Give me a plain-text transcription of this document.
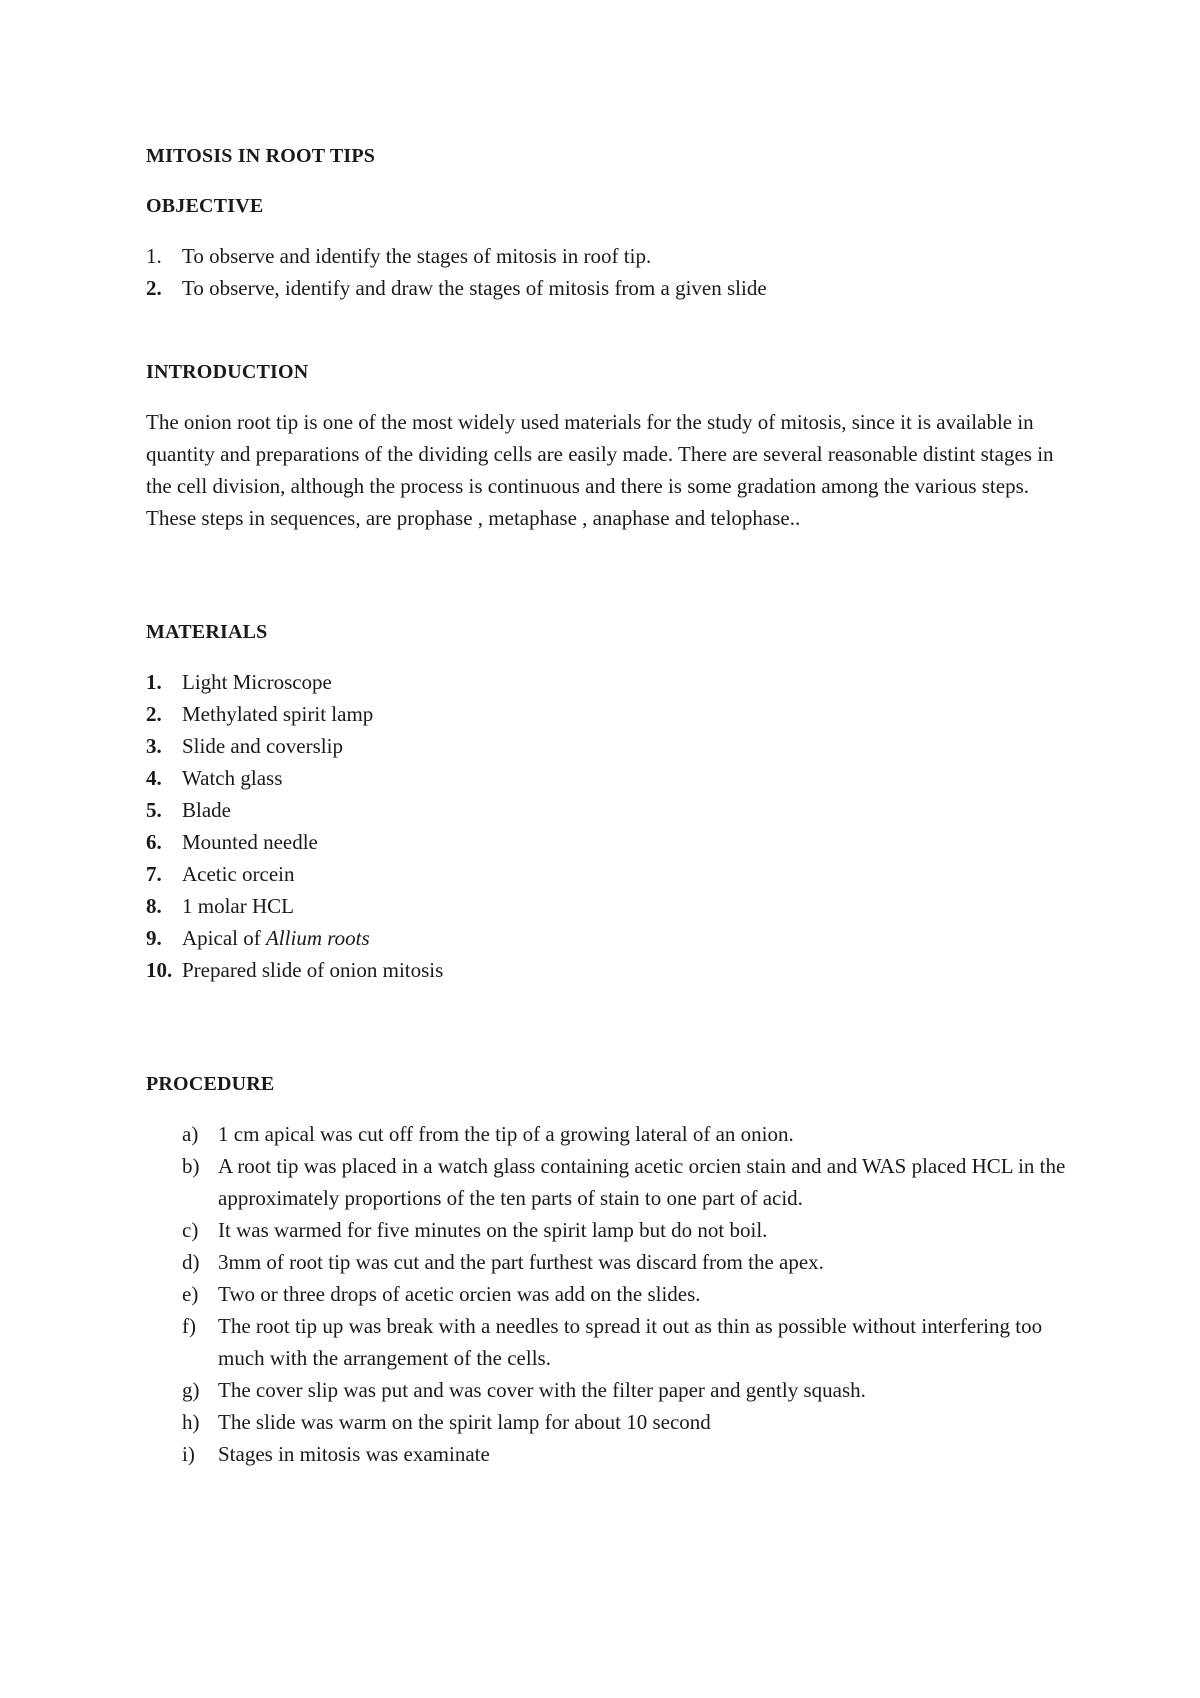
MITOSIS IN ROOT TIPS

OBJECTIVE

1. To observe and identify the stages of mitosis in roof tip.
2. To observe, identify and draw the stages of mitosis from a given slide

INTRODUCTION

The onion root tip is one of the most widely used materials for the study of mitosis, since it is available in quantity and preparations of the dividing cells are easily made. There are several reasonable distint stages in the cell division, although the process is continuous and there is some gradation among the various steps. These steps in sequences, are prophase , metaphase , anaphase and telophase..

MATERIALS

1. Light Microscope
2. Methylated spirit lamp
3. Slide and coverslip
4. Watch glass
5. Blade
6. Mounted needle
7. Acetic orcein
8. 1 molar HCL
9. Apical of Allium roots
10. Prepared slide of onion mitosis

PROCEDURE

a) 1 cm apical was cut off from the tip of a growing lateral of an onion.
b) A root tip was placed in a watch glass containing acetic orcien stain and and WAS placed HCL in the approximately proportions of the ten parts of stain to one part of acid.
c) It was warmed for five minutes on the spirit lamp but do not boil.
d) 3mm of root tip was cut and the part furthest was discard from the apex.
e) Two or three drops of acetic orcien was add on the slides.
f) The root tip up was break with a needles to spread it out as thin as possible without interfering too much with the arrangement of the cells.
g) The cover slip was put and was cover with the filter paper and gently squash.
h) The slide was warm on the spirit lamp for about 10 second
i) Stages in mitosis was examinate
